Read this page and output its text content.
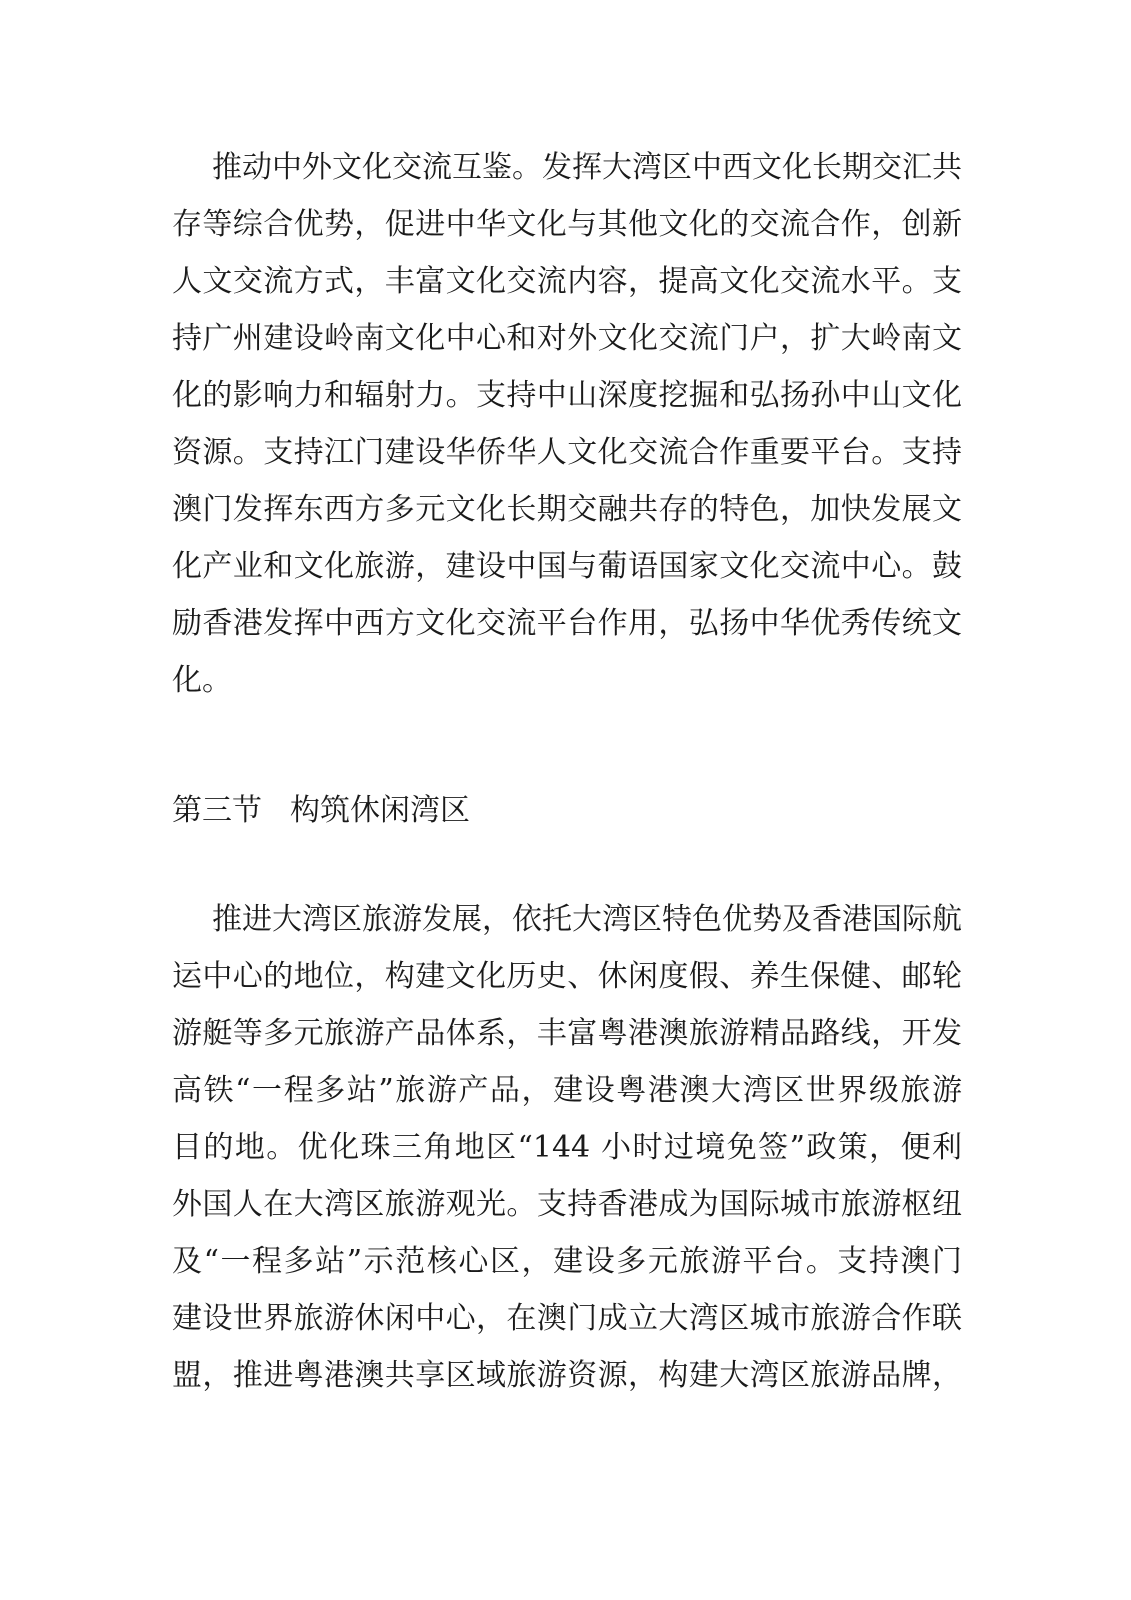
推动中外文化交流互鉴。发挥大湾区中西文化长期交汇共
存等综合优势，促进中华文化与其他文化的交流合作，创新
人文交流方式，丰富文化交流内容，提高文化交流水平。支
持广州建设岭南文化中心和对外文化交流门户，扩大岭南文
化的影响力和辐射力。支持中山深度挖掘和弘扬孙中山文化
资源。支持江门建设华侨华人文化交流合作重要平台。支持
澳门发挥东西方多元文化长期交融共存的特色，加快发展文
化产业和文化旅游，建设中国与葡语国家文化交流中心。鼓
励香港发挥中西方文化交流平台作用，弘扬中华优秀传统文
化。
第三节 构筑休闲湾区
推进大湾区旅游发展，依托大湾区特色优势及香港国际航
运中心的地位，构建文化历史、休闲度假、养生保健、邮轮
游艇等多元旅游产品体系，丰富粤港澳旅游精品路线，开发
高铁“一程多站”旅游产品，建设粤港澳大湾区世界级旅游
目的地。优化珠三角地区“144 小时过境免签”政策，便利
外国人在大湾区旅游观光。支持香港成为国际城市旅游枢纽
及“一程多站”示范核心区，建设多元旅游平台。支持澳门
建设世界旅游休闲中心，在澳门成立大湾区城市旅游合作联
盟，推进粤港澳共享区域旅游资源，构建大湾区旅游品牌，
